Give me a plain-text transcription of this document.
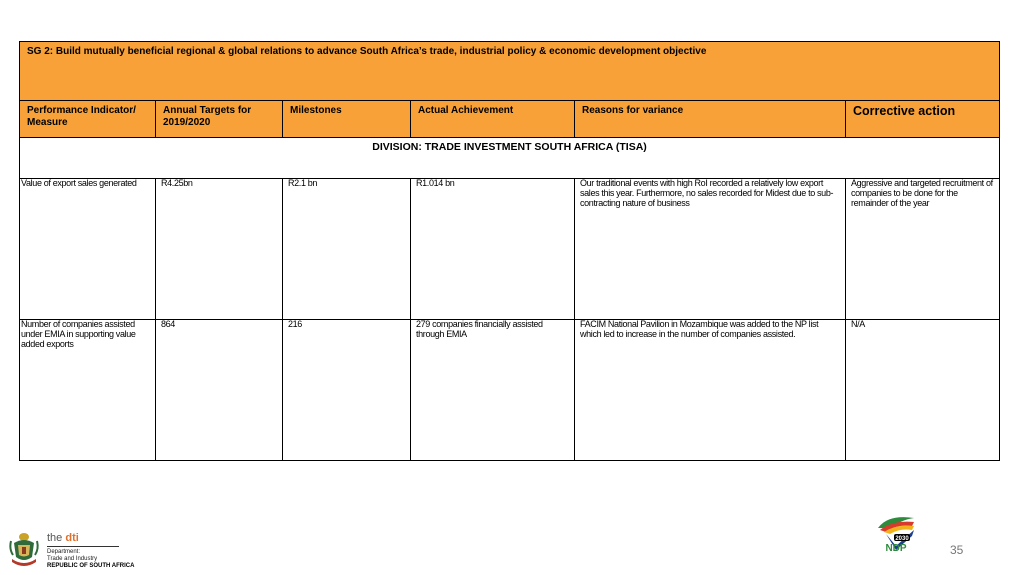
SG 2: Build mutually beneficial regional & global relations to advance South Africa’s trade, industrial policy & economic development objective					

Performance Indicator/ Measure	Annual Targets for 2019/2020	Milestones	Actual Achievement	Reasons for variance	Corrective action

DIVISION: TRADE INVESTMENT SOUTH AFRICA (TISA)					

Value of export sales generated	R4.25bn	R2.1 bn	R1.014 bn	Our traditional events with high RoI recorded a relatively low export sales this year. Furthermore, no sales recorded for Midest due to sub-contracting nature of business	Aggressive and targeted recruitment of companies to be done for the remainder of the year

Number of companies assisted under EMIA in supporting value added exports	864	216	279 companies financially assisted through EMIA	FACIM National Pavilion in Mozambique was added to the NP list which led to increase in the number of companies assisted.	N/A
the dti
Department:
Trade and Industry
REPUBLIC OF SOUTH AFRICA
2030
NDP	35
